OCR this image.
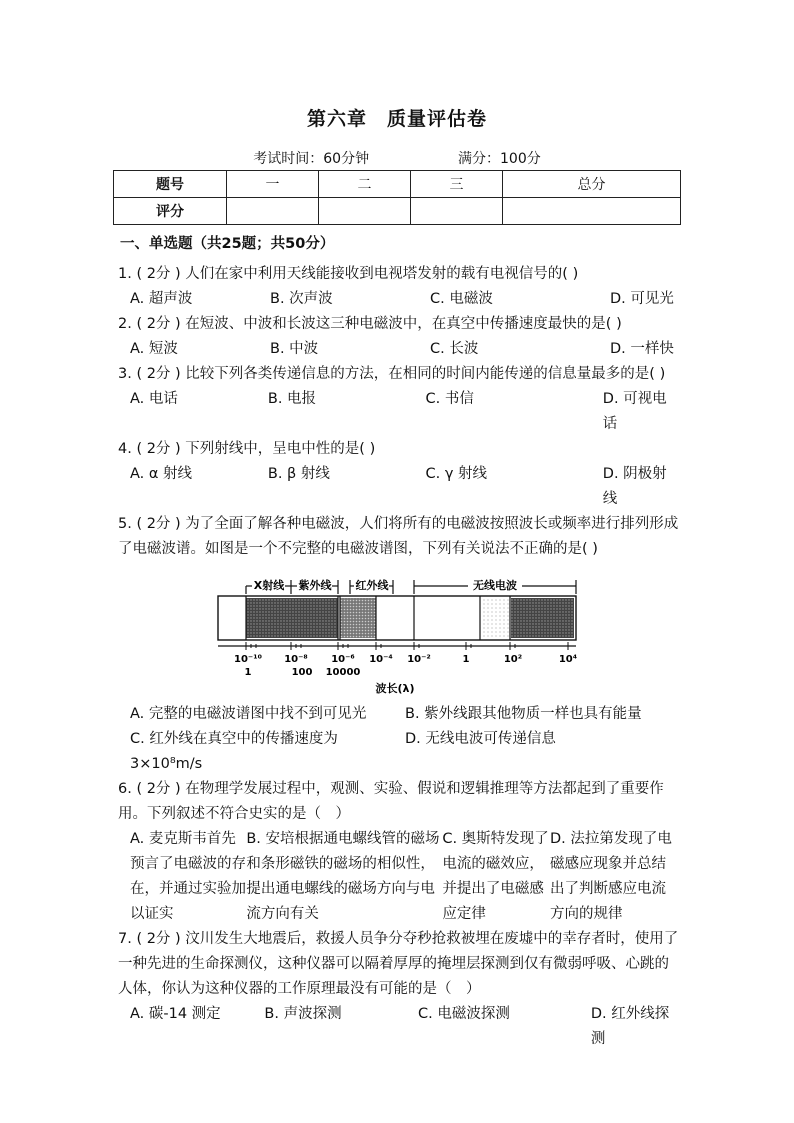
第六章　质量评估卷
考试时间：60分钟	满分：100分
题号	一	二	三	总分
评分				
一、单选题（共25题；共50分）

1. ( 2分 ) 人们在家中利用天线能接收到电视塔发射的载有电视信号的( )

A. 超声波	B. 次声波	C. 电磁波	D. 可见光

2. ( 2分 ) 在短波、中波和长波这三种电磁波中，在真空中传播速度最快的是( )

A. 短波	B. 中波	C. 长波	D. 一样快

3. ( 2分 ) 比较下列各类传递信息的方法，在相同的时间内能传递的信息量最多的是( )

A. 电话	B. 电报	C. 书信	D. 可视电话

4. ( 2分 ) 下列射线中，呈电中性的是( )

A. α 射线	B. β 射线	C. γ 射线	D. 阴极射线

5. ( 2分 ) 为了全面了解各种电磁波，人们将所有的电磁波按照波长或频率进行排列形成了电磁波谱。如图是一个不完整的电磁波谱图，下列有关说法不正确的是( )

X射线 紫外线 红外线	无线电波
10⁻¹⁰ 10⁻⁸ 10⁻⁶ 10⁻⁴ 10⁻²	1	10²	10⁴
1	100 10000
波长(λ)
A. 完整的电磁波谱图中找不到可见光	B. 紫外线跟其他物质一样也具有能量
C. 红外线在真空中的传播速度为 3×10⁸m/s
D. 无线电波可传递信息

6. ( 2分 ) 在物理学发展过程中，观测、实验、假说和逻辑推理等方法都起到了重要作用。下列叙述不符合史实的是（　）

A. 麦克斯韦首先预言了电磁波的存在，并通过实验加以证实
B. 安培根据通电螺线管的磁场和条形磁铁的磁场的相似性，提出通电螺线的磁场方向与电流方向有关
C. 奥斯特发现了电流的磁效应，并提出了电磁感应定律
D. 法拉第发现了电磁感应现象并总结出了判断感应电流方向的规律

7. ( 2分 ) 汶川发生大地震后，救援人员争分夺秒抢救被埋在废墟中的幸存者时，使用了一种先进的生命探测仪，这种仪器可以隔着厚厚的掩埋层探测到仅有微弱呼吸、心跳的人体，你认为这种仪器的工作原理最没有可能的是（　）

A. 碳-14 测定	B. 声波探测	C. 电磁波探测	D. 红外线探测
